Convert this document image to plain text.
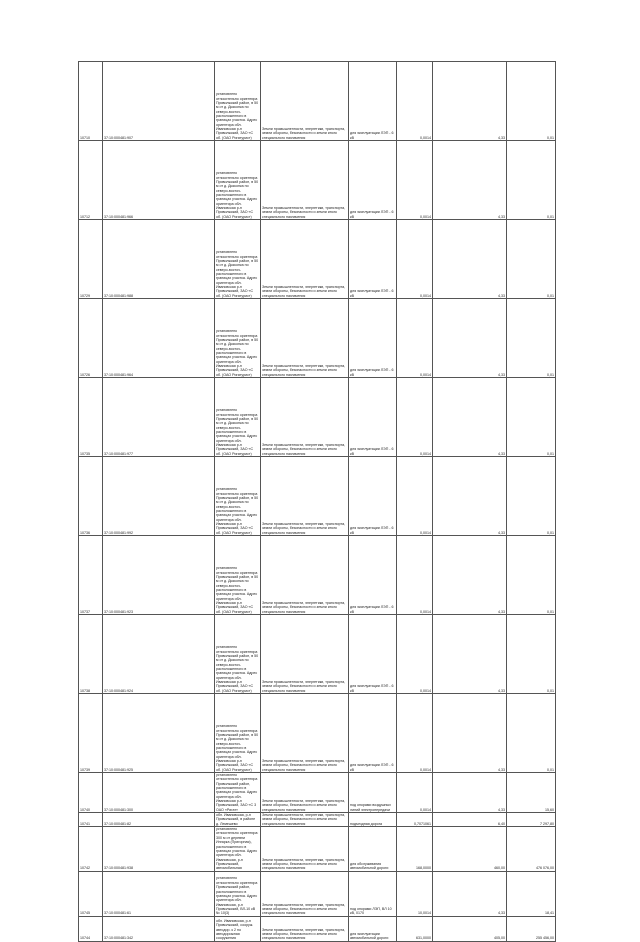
10710	37:10:000481:907	установлено относительно ориентира Приволжский район, в 50 м от д. Дьяконка по северо-восточ- расположенного в границах участка. Адрес ориентира обл. Ивановская р-н Приволжский, ЗАО «С об. (ОАО Ригатурист)	Земли промышленности, энергетики, транспорта, земли обороны, безопасности и земли иного специального назначения	для эксплуатации ЛЭП - 6 кВ	0,0014	4,33	0,01
10712	37:10:000481:966	установлено относительно ориентира Приволжский район, в 50 м от д. Дьяконка по северо-восточ- расположенного в границах участка. Адрес ориентира обл. Ивановская р-н Приволжский, ЗАО «С об. (ОАО Ригатурист)	Земли промышленности, энергетики, транспорта, земли обороны, безопасности и земли иного специального назначения	для эксплуатации ЛЭП - 6 кВ	0,0014	4,33	0,01
10729	37:10:000481:988	установлено относительно ориентира Приволжский район, в 50 м от д. Дьяконка по северо-восточ- расположенного в границах участка. Адрес ориентира обл. Ивановская р-н Приволжский, ЗАО «С об. (ОАО Ригатурист)	Земли промышленности, энергетики, транспорта, земли обороны, безопасности и земли иного специального назначения	для эксплуатации ЛЭП - 6 кВ	0,0014	4,33	0,01
10726	37:10:000481:964	установлено относительно ориентира Приволжский район, в 50 м от д. Дьяконка по северо-восточ- расположенного в границах участка. Адрес ориентира обл. Ивановская р-н Приволжский, ЗАО «С об. (ОАО Ригатурист)	Земли промышленности, энергетики, транспорта, земли обороны, безопасности и земли иного специального назначения	для эксплуатации ЛЭП - 6 кВ	0,0014	4,33	0,01
10735	37:10:000481:977	установлено относительно ориентира Приволжский район, в 50 м от д. Дьяконка по северо-восточ- расположенного в границах участка. Адрес ориентира обл. Ивановская р-н Приволжский, ЗАО «С об. (ОАО Ригатурист)	Земли промышленности, энергетики, транспорта, земли обороны, безопасности и земли иного специального назначения	для эксплуатации ЛЭП - 6 кВ	0,0014	4,33	0,01
10736	37:10:000481:992	установлено относительно ориентира Приволжский район, в 50 м от д. Дьяконка по северо-восточ- расположенного в границах участка. Адрес ориентира обл. Ивановская р-н Приволжский, ЗАО «С об. (ОАО Ригатурист)	Земли промышленности, энергетики, транспорта, земли обороны, безопасности и земли иного специального назначения	для эксплуатации ЛЭП - 6 кВ	0,0014	4,33	0,01
10737	37:10:000481:923	установлено относительно ориентира Приволжский район, в 50 м от д. Дьяконка по северо-восточ- расположенного в границах участка. Адрес ориентира обл. Ивановская р-н Приволжский, ЗАО «С об. (ОАО Ригатурист)	Земли промышленности, энергетики, транспорта, земли обороны, безопасности и земли иного специального назначения	для эксплуатации ЛЭП - 6 кВ	0,0014	4,33	0,01
10738	37:10:000481:924	установлено относительно ориентира Приволжский район, в 50 м от д. Дьяконка по северо-восточ- расположенного в границах участка. Адрес ориентира обл. Ивановская р-н Приволжский, ЗАО «С об. (ОАО Ригатурист)	Земли промышленности, энергетики, транспорта, земли обороны, безопасности и земли иного специального назначения	для эксплуатации ЛЭП - 6 кВ	0,0014	4,33	0,01
10739	37:10:000481:925	установлено относительно ориентира Приволжский район, в 50 м от д. Дьяконка по северо-восточ- расположенного в границах участка. Адрес ориентира обл. Ивановская р-н Приволжский, ЗАО «С об. (ОАО Ригатурист)	Земли промышленности, энергетики, транспорта, земли обороны, безопасности и земли иного специального назначения	для эксплуатации ЛЭП - 6 кВ	0,0014	4,33	0,01
10740	37:10:000481:300	установлено относительно ориентира Приволжский район, расположенного в границах участка. Адрес ориентира обл. Ивановская р-н Приволжский, ЗАО «С 3 ОАО «Ригат»	Земли промышленности, энергетики, транспорта, земли обороны, безопасности и земли иного специального назначения	под опорами воздушных линий электропередачи	0,0014	4,33	15,60
10741	37:10:000481:82	обл. Ивановская, р-н Приволжский, в районе д. Лемешево	Земли промышленности, энергетики, транспорта, земли обороны, безопасности и земли иного специального назначения	подъездная дорога	0,7071061	6,40	7 297,80
10742	37:10:000481:938	установлено относительно ориентира: 300 м от деревни Ингарка (Пригорная), расположенного в границах участка. Адрес ориентира обл. Ивановская, р-н Приволжский, автомобильная	Земли промышленности, энергетики, транспорта, земли обороны, безопасности и земли иного специального назначения	для обслуживания автомобильной дороги	168,0000	460,00	476 076,00
10745	37:10:000481:61	установлено относительно ориентира Приволжский район, расположенного в границах участка. Адрес ориентира обл. Ивановская, р-н Приволжский, ВЛ-10 кВ № 10(3)	Земли промышленности, энергетики, транспорта, земли обороны, безопасности и земли иного специального назначения	под опорами ЛЭП, ВЛ 10 кВ, 0170	10,0014	4,33	18,41
10744	37:10:000481:342	обл. Ивановская, р-н Приволжский, сооруж. автодор. к 2 по автодорожная сооружения	Земли промышленности, энергетики, транспорта, земли обороны, безопасности и земли иного специального назначения	для эксплуатации автомобильной дороги	631,0000	405,00	255 456,00
